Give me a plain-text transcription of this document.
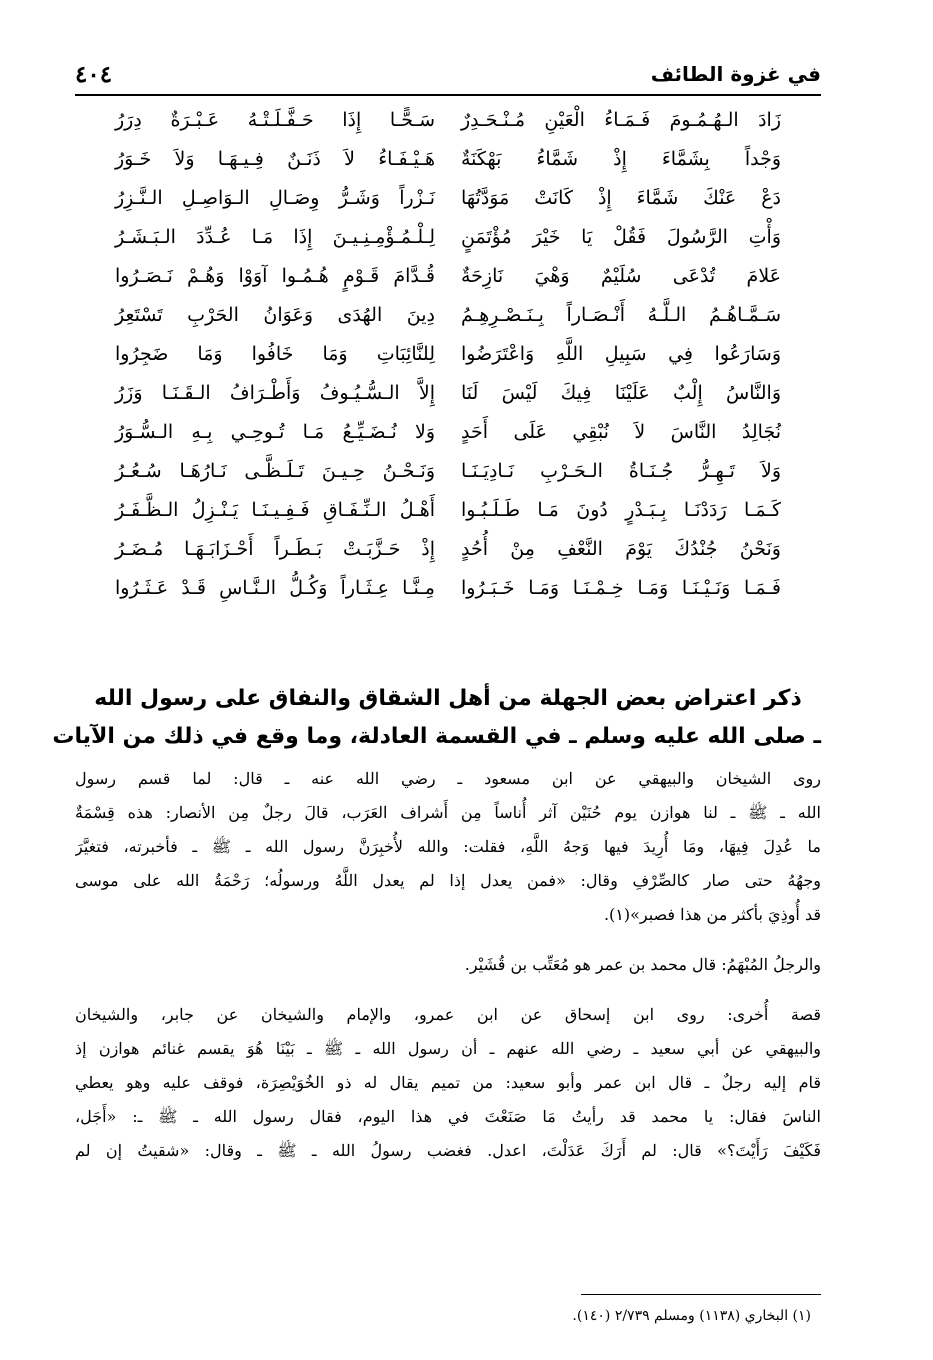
في غزوة الطائف
٤٠٤
زَادَ الـهُـمُـومَ فَـمَـاءُ الْعَيْنِ مُـنْـحَـدِرٌ
سَـحًّـا إِذَا حَـفَّـلَـتْـهُ عَـبْـرَةٌ دِرَرُ
وَجْداً بِشَمَّاءَ إِذْ شَمَّاءُ بَهْكَنَةٌ
هَـيْـفَـاءُ لاَ ذَنَـنٌ فِـيـهَـا وَلاَ خَـوَرُ
دَعْ عَنْكَ شَمَّاءَ إِذْ كَانَتْ مَوَدَّتُهَا
نَـزْراً وَشَـرُّ وِصَـالِ الـوَاصِـلِ الـنَّـزِرُ
وَأْتِ الرَّسُولَ فَقُلْ يَا خَيْرَ مُؤْتَمَنٍ
لِـلْـمُـؤْمِـنِـيـنَ إِذَا مَـا عُـدِّدَ الـبَـشَـرُ
عَلامَ تُدْعَى سُلَيْمٌ وَهْيَ نَازِحَةٌ
قُـدَّامَ قَـوْمٍ هُـمُـوا آوَوْا وَهُـمْ نَـصَـرُوا
سَـمَّـاهُـمُ الـلَّـهُ أَنْـصَـاراً بِـنَـصْـرِهِـمُ
دِينَ الهُدَى وَعَوَانُ الحَرْبِ تَسْتَعِرُ
وَسَارَعُوا فِي سَبِيلِ اللَّهِ وَاعْتَرَضُوا
لِلنَّائِبَاتِ وَمَا خَافُوا وَمَا ضَجِرُوا
وَالنَّاسُ إِلْبٌ عَلَيْنَا فِيكَ لَيْسَ لَنَا
إِلاَّ الـسُّـيُـوفُ وَأَطْـرَافُ الـقَـنَـا وَزَرُ
نُجَالِدُ النَّاسَ لاَ نُبْقِي عَلَى أَحَدٍ
وَلا نُـضَـيِّـعُ مَـا تُـوحِـي بِـهِ الـسُّـوَرُ
وَلاَ تَـهِـرُّ جُـنَـاةُ الـحَـرْبِ نَـادِيَـنَـا
وَنَـحْـنُ حِـيـنَ تَـلَـظَّـى نَـارُهَـا سُـعُـرُ
كَـمَـا رَدَدْنَـا بِـبَـدْرٍ دُونَ مَـا طَـلَـبُـوا
أَهْـلُ الـنِّـفَـاقِ فَـفِـيـنَـا يَـنْـزِلُ الـظَّـفَـرُ
وَنَحْنُ جُنْدُكَ يَوْمَ النَّعْفِ مِنْ أُحُدٍ
إِذْ حَـزَّبَـتْ بَـطَـراً أَحْـزَابَـهَـا مُـضَـرُ
فَـمَـا وَنَـيْـنَـا وَمَـا خِـمْـنَـا وَمَـا خَـبَـرُوا
مِـنَّـا عِـثَـاراً وَكُـلُّ الـنَّـاسِ قَـدْ عَـثَـرُوا
ذكر اعتراض بعض الجهلة من أهل الشقاق والنفاق على رسول الله
ـ صلى الله عليه وسلم ـ في القسمة العادلة، وما وقع في ذلك من الآيات
روى الشيخان والبيهقي عن ابن مسعود ـ رضي الله عنه ـ قال: لما قسم رسول
الله ـ ﷺ ـ لنا هوازن يوم حُنَيْن آثر أُناساً مِن أَشراف العَرَب، قالَ رجلٌ مِن الأنصار: هذه قِسْمَةٌ
ما عُدِلَ فِيهَا، ومَا أُرِيدَ فيها وَجهُ اللَّهِ، فقلت: والله لأُخبِرَنَّ رسول الله ـ ﷺ ـ فأخبرته، فتغيَّرَ
وجهُهُ حتى صار كالصِّرْفِ وقال: «فمن يعدل إذا لم يعدل اللَّهُ ورسولُه؛ رَحْمَةُ الله على موسى
قد أُوذِيَ بأكثر من هذا فصبر»(١).
والرجلُ المُبْهَمُ: قال محمد بن عمر هو مُعَتِّب بن قُشَيْر.
قصة أُخرى: روى ابن إسحاق عن ابن عمرو، والإمام والشيخان عن جابر، والشيخان
والبيهقي عن أبي سعيد ـ رضي الله عنهم ـ أن رسول الله ـ ﷺ ـ بَيْنَا هُوَ يقسم غنائم هوازن إذ
قام إليه رجلٌ ـ قال ابن عمر وأبو سعيد: من تميم يقال له ذو الخُوَيْصِرَة، فوقف عليه وهو يعطي
الناسَ فقال: يا محمد قد رأيتُ مَا صَنَعْتَ في هذا اليوم، فقال رسول الله ـ ﷺ ـ: «أَجَل،
فَكَيْفَ رَأَيْتَ؟» قال: لم أَرَكَ عَدَلْتَ، اعدل. فغضب رسولُ الله ـ ﷺ ـ وقال: «شقيتُ إن لم
(١) البخاري (١١٣٨) ومسلم ٢/٧٣٩ (١٤٠).
